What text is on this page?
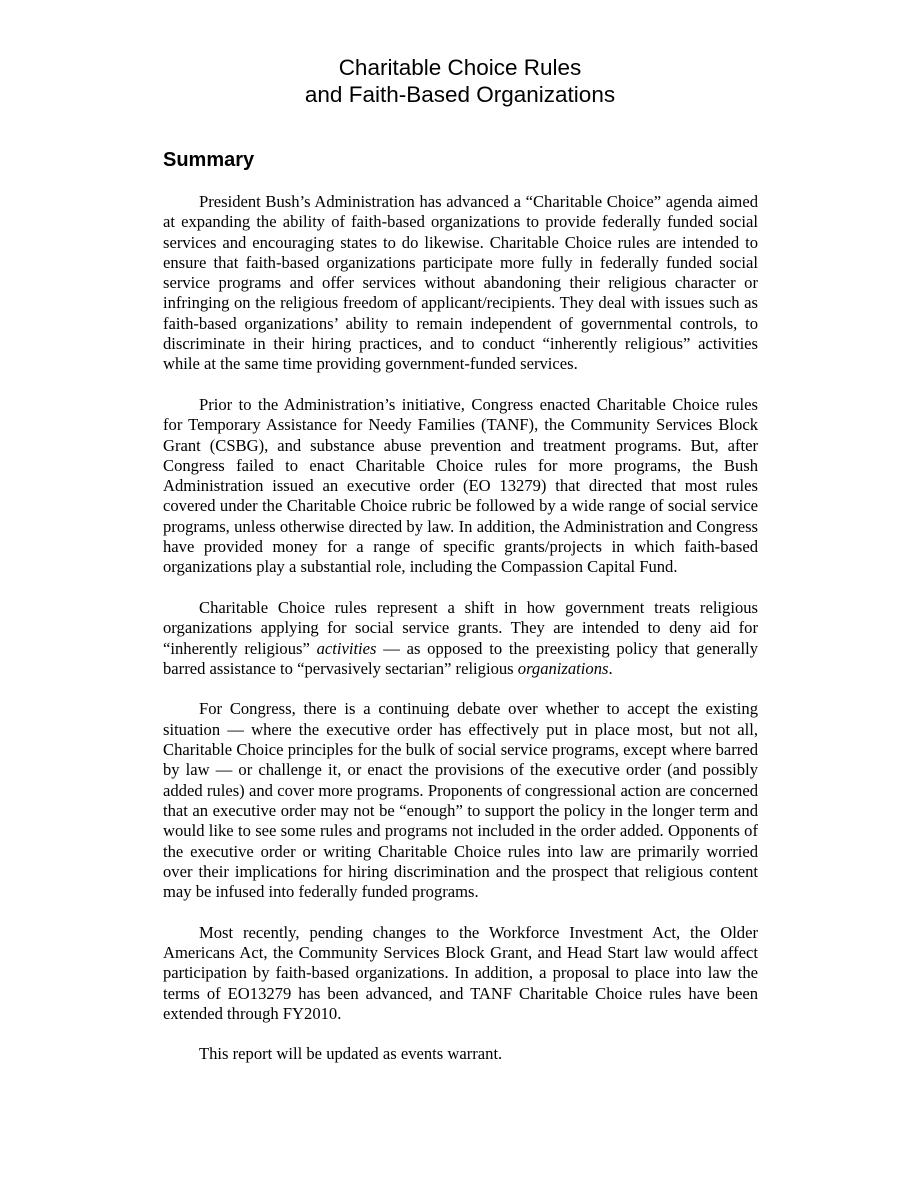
Charitable Choice Rules
and Faith-Based Organizations
Summary

President Bush’s Administration has advanced a “Charitable Choice” agenda aimed at expanding the ability of faith-based organizations to provide federally funded social services and encouraging states to do likewise. Charitable Choice rules are intended to ensure that faith-based organizations participate more fully in federally funded social service programs and offer services without abandoning their religious character or infringing on the religious freedom of applicant/recipients. They deal with issues such as faith-based organizations’ ability to remain independent of governmental controls, to discriminate in their hiring practices, and to conduct “inherently religious” activities while at the same time providing government-funded services.

Prior to the Administration’s initiative, Congress enacted Charitable Choice rules for Temporary Assistance for Needy Families (TANF), the Community Services Block Grant (CSBG), and substance abuse prevention and treatment programs. But, after Congress failed to enact Charitable Choice rules for more programs, the Bush Administration issued an executive order (EO 13279) that directed that most rules covered under the Charitable Choice rubric be followed by a wide range of social service programs, unless otherwise directed by law. In addition, the Administration and Congress have provided money for a range of specific grants/projects in which faith-based organizations play a substantial role, including the Compassion Capital Fund.

Charitable Choice rules represent a shift in how government treats religious organizations applying for social service grants. They are intended to deny aid for “inherently religious” activities — as opposed to the preexisting policy that generally barred assistance to “pervasively sectarian” religious organizations.

For Congress, there is a continuing debate over whether to accept the existing situation — where the executive order has effectively put in place most, but not all, Charitable Choice principles for the bulk of social service programs, except where barred by law — or challenge it, or enact the provisions of the executive order (and possibly added rules) and cover more programs. Proponents of congressional action are concerned that an executive order may not be “enough” to support the policy in the longer term and would like to see some rules and programs not included in the order added. Opponents of the executive order or writing Charitable Choice rules into law are primarily worried over their implications for hiring discrimination and the prospect that religious content may be infused into federally funded programs.

Most recently, pending changes to the Workforce Investment Act, the Older Americans Act, the Community Services Block Grant, and Head Start law would affect participation by faith-based organizations. In addition, a proposal to place into law the terms of EO13279 has been advanced, and TANF Charitable Choice rules have been extended through FY2010.

This report will be updated as events warrant.
